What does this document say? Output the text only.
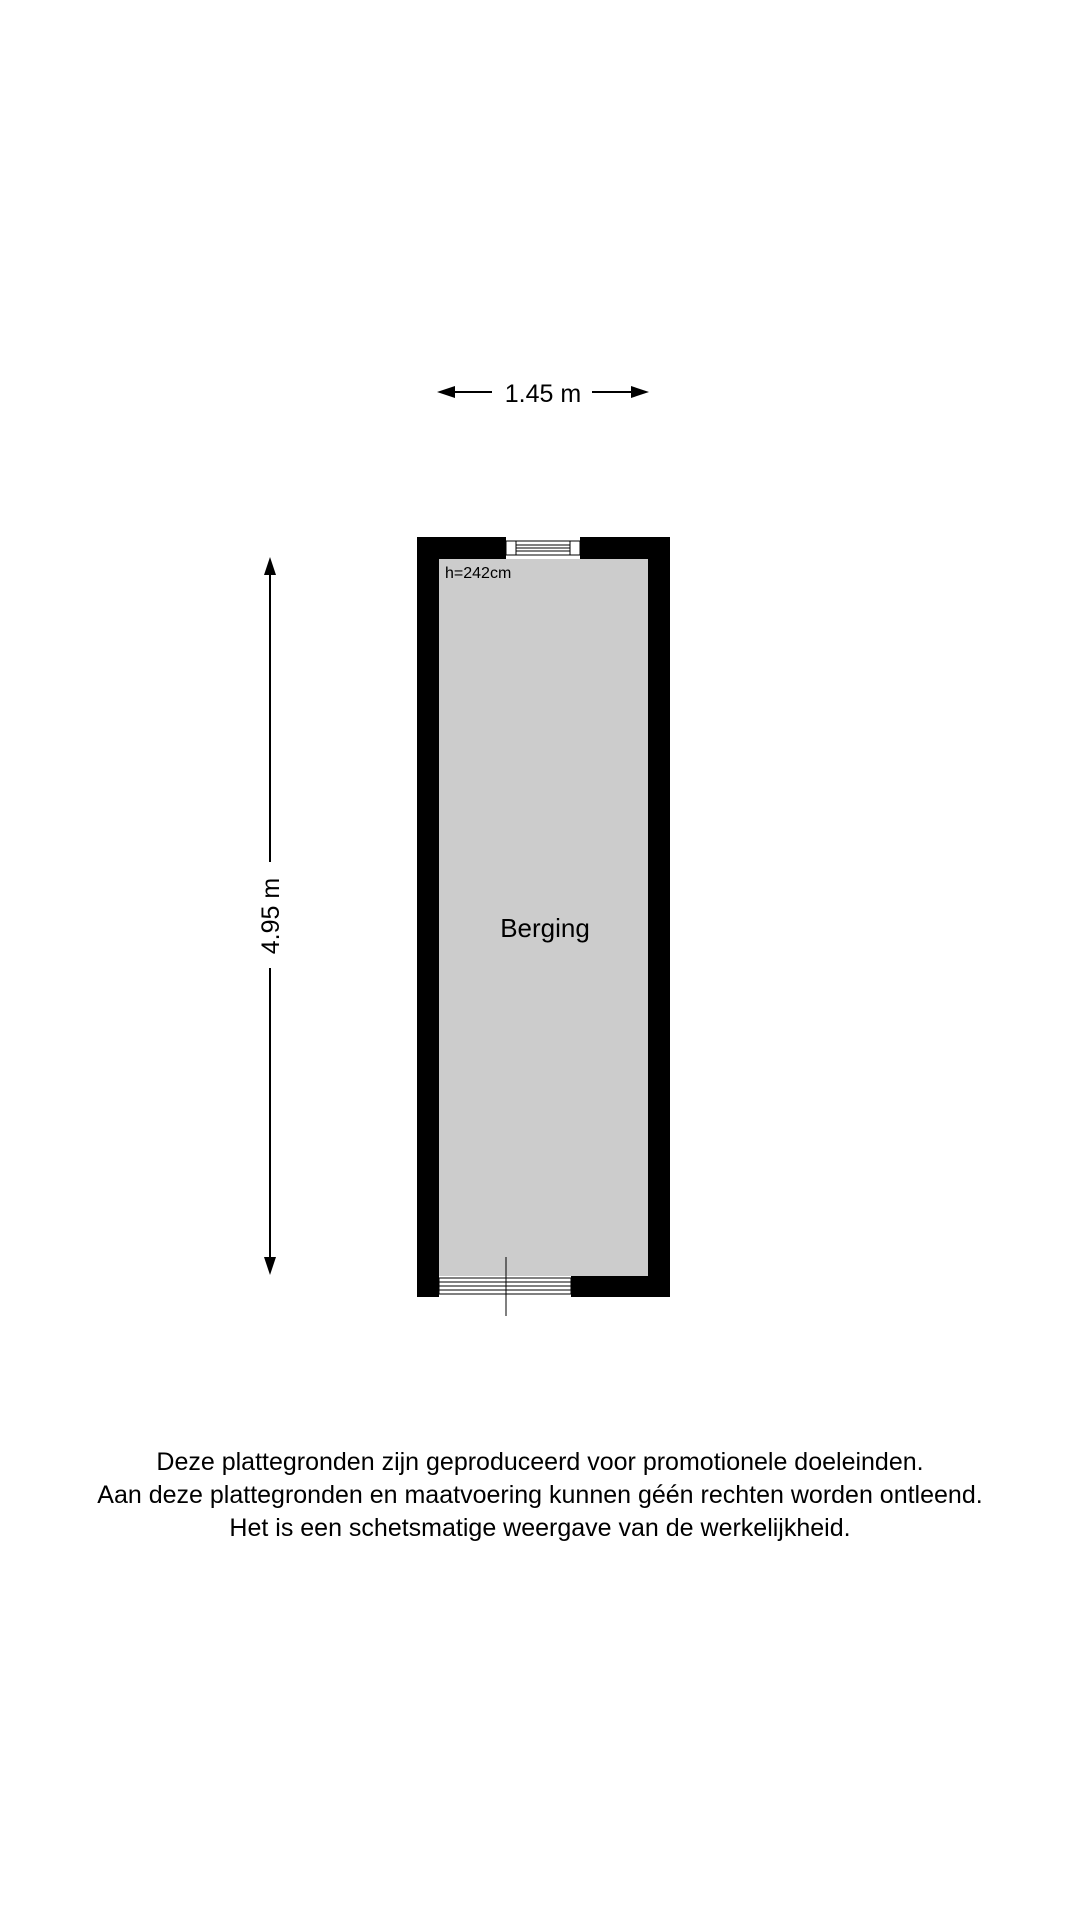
1.45 m
4.95 m
h=242cm
Berging
Deze plattegronden zijn geproduceerd voor promotionele doeleinden.
Aan deze plattegronden en maatvoering kunnen géén rechten worden ontleend.
Het is een schetsmatige weergave van de werkelijkheid.
